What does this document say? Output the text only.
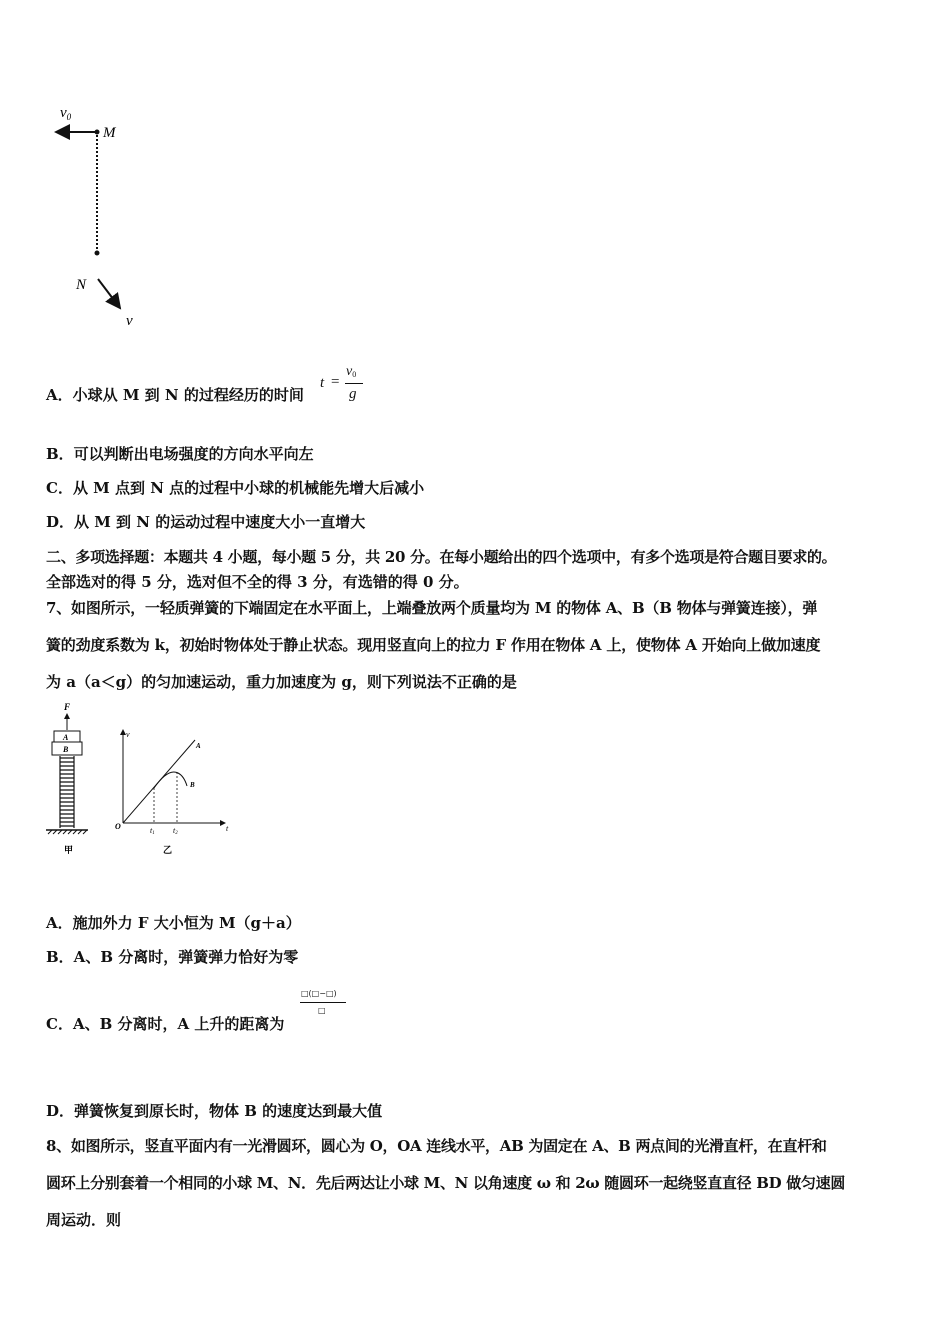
$v_0$
M
N
v
A．小球从 M 到 N 的过程经历的时间
t =
v0
g
B．可以判断出电场强度的方向水平向左
C．从 M 点到 N 点的过程中小球的机械能先增大后减小
D．从 M 到 N 的运动过程中速度大小一直增大
二、多项选择题：本题共 4 小题，每小题 5 分，共 20 分。在每小题给出的四个选项中，有多个选项是符合题目要求的。
全部选对的得 5 分，选对但不全的得 3 分，有选错的得 0 分。
7、如图所示，一轻质弹簧的下端固定在水平面上，上端叠放两个质量均为 M 的物体 A、B（B 物体与弹簧连接），弹
簧的劲度系数为 k，初始时物体处于静止状态。现用竖直向上的拉力 F 作用在物体 A 上，使物体 A 开始向上做加速度
为 a（a＜g）的匀加速运动，重力加速度为 g，则下列说法不正确的是
F
A
B
甲
v
t
O
A
B
t1 t2
乙
A．施加外力 F 大小恒为 M（g＋a）
B．A、B 分离时，弹簧弹力恰好为零
C．A、B 分离时，A 上升的距离为
□(□−□)
□
D．弹簧恢复到原长时，物体 B 的速度达到最大值
8、如图所示，竖直平面内有一光滑圆环，圆心为 O，OA 连线水平，AB 为固定在 A、B 两点间的光滑直杆，在直杆和
圆环上分别套着一个相同的小球 M、N．先后两达让小球 M、N 以角速度 ω 和 2ω 随圆环一起绕竖直直径 BD 做匀速圆
周运动．则
